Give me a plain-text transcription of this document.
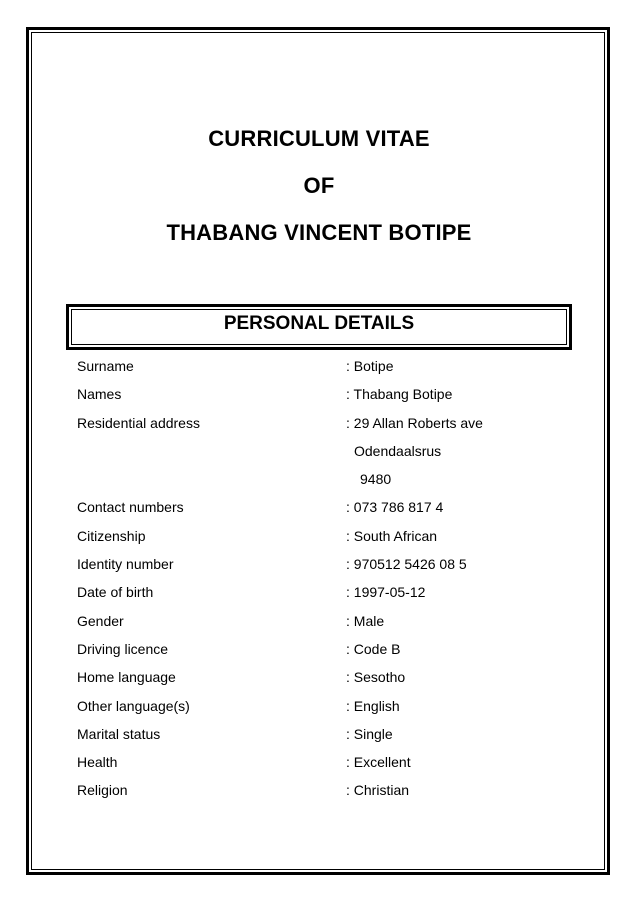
CURRICULUM VITAE
OF
THABANG VINCENT BOTIPE
PERSONAL DETAILS
Surname	: Botipe
Names	: Thabang Botipe
Residential address	: 29 Allan Roberts ave
Odendaalsrus
9480
Contact numbers	: 073 786 817 4
Citizenship	: South African
Identity number	: 970512 5426 08 5
Date of birth	: 1997-05-12
Gender	: Male
Driving licence	: Code B
Home language	: Sesotho
Other language(s)	: English
Marital status	: Single
Health	: Excellent
Religion	: Christian
